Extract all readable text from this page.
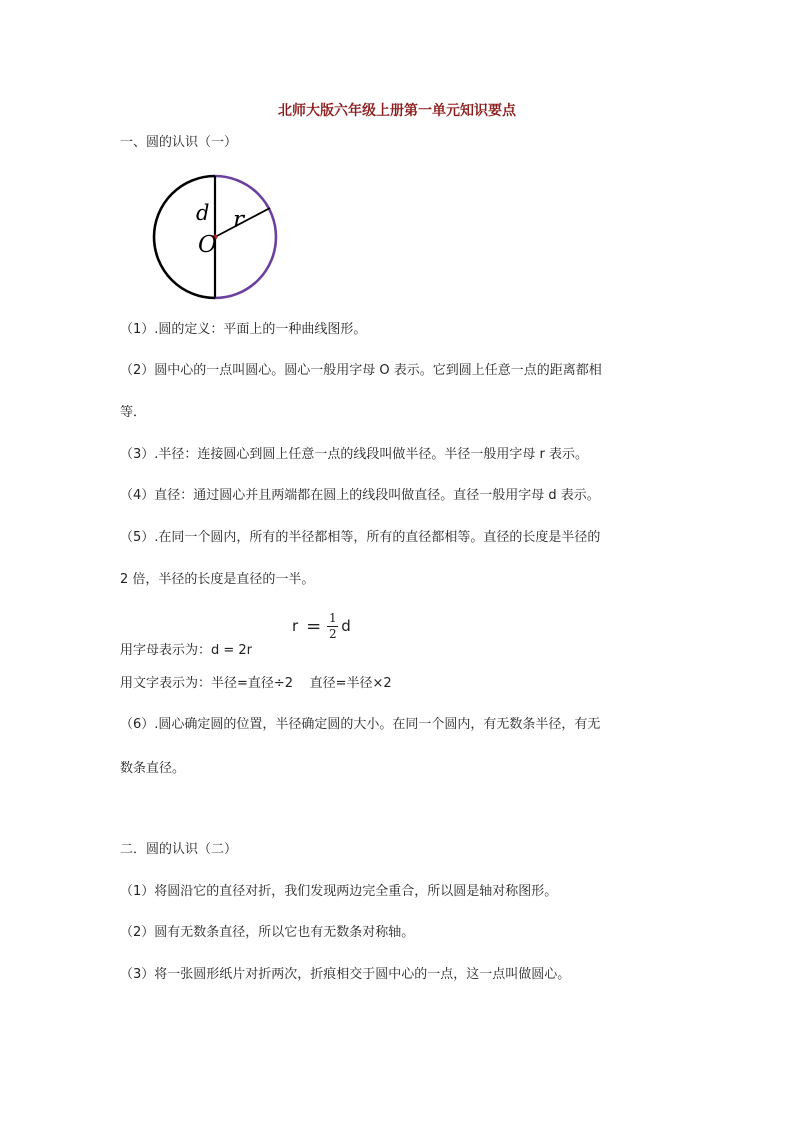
北师大版六年级上册第一单元知识要点
一、圆的认识（一）
d r
O
（1）.圆的定义：平面上的一种曲线图形。
（2）圆中心的一点叫圆心。圆心一般用字母 O 表示。它到圆上任意一点的距离都相
等．
（3）.半径：连接圆心到圆上任意一点的线段叫做半径。半径一般用字母 r 表示。
（4）直径：通过圆心并且两端都在圆上的线段叫做直径。直径一般用字母 d 表示。
（5）.在同一个圆内，所有的半径都相等，所有的直径都相等。直径的长度是半径的
2 倍，半径的长度是直径的一半。
$r = \frac{1}{2}$ d
用字母表示为：d = 2r
用文字表示为：半径=直径÷2    直径=半径×2
（6）.圆心确定圆的位置，半径确定圆的大小。在同一个圆内，有无数条半径，有无
数条直径。
二．圆的认识（二）
（1）将圆沿它的直径对折，我们发现两边完全重合，所以圆是轴对称图形。
（2）圆有无数条直径，所以它也有无数条对称轴。
（3）将一张圆形纸片对折两次，折痕相交于圆中心的一点，这一点叫做圆心。
